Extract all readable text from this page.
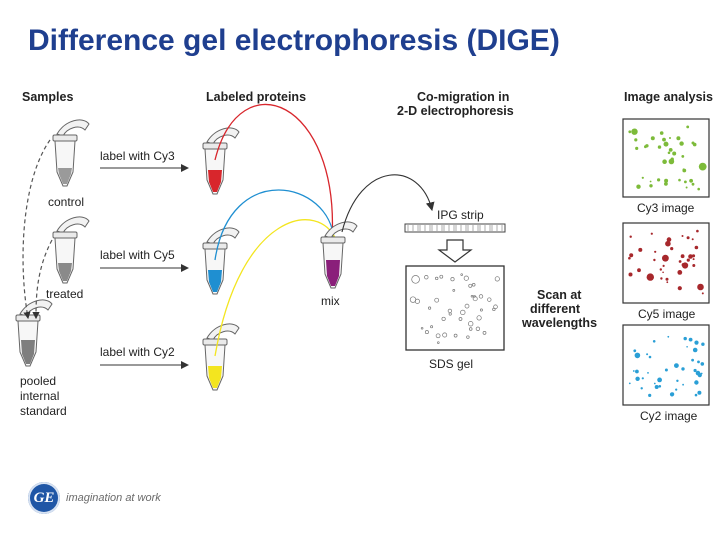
Difference gel electrophoresis (DIGE)
Samples	Labeled proteins	Co-migration in
2-D electrophoresis
Image analysis
control
treated
pooled
internal
standard
label with Cy3
label with Cy5
label with Cy2
mix
IPG strip
SDS gel
Scan at
different
wavelengths
Cy3 image
Cy5 image
Cy2 image
GE	imagination at work
